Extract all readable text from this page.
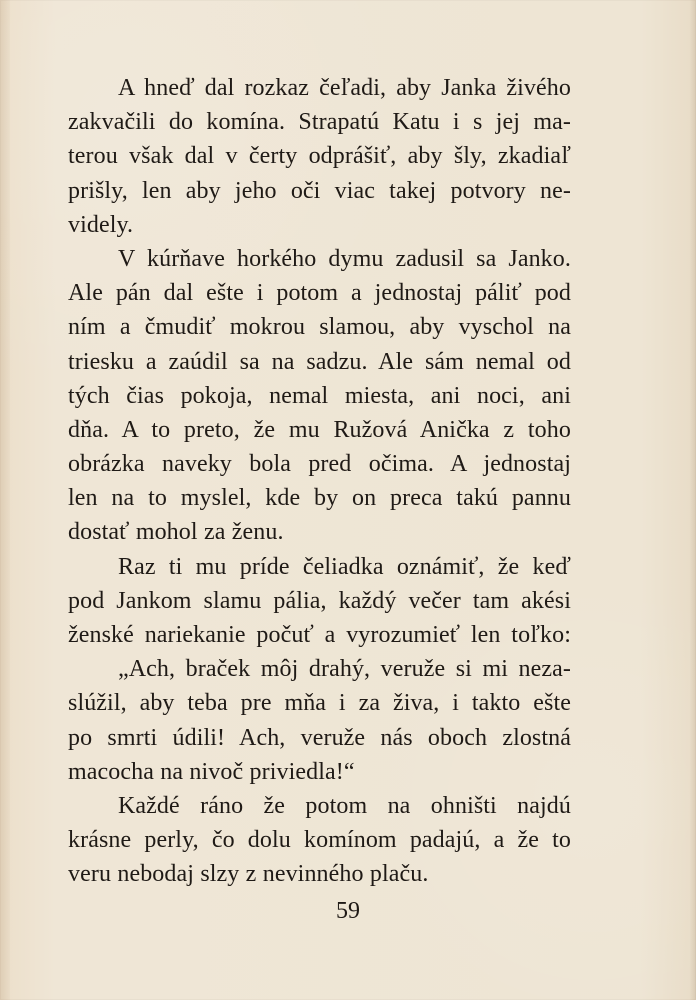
A hneď dal rozkaz čeľadi, aby Janka živého
zakvačili do komína. Strapatú Katu i s jej ma-
terou však dal v čerty odprášiť, aby šly, zkadiaľ
prišly, len aby jeho oči viac takej potvory ne-
videly.
V kúrňave horkého dymu zadusil sa Janko.
Ale pán dal ešte i potom a jednostaj páliť pod
ním a čmudiť mokrou slamou, aby vyschol na
triesku a zaúdil sa na sadzu. Ale sám nemal od
tých čias pokoja, nemal miesta, ani noci, ani
dňa. A to preto, že mu Ružová Anička z toho
obrázka naveky bola pred očima. A jednostaj
len na to myslel, kde by on preca takú pannu
dostať mohol za ženu.
Raz ti mu príde čeliadka oznámiť, že keď
pod Jankom slamu pália, každý večer tam akési
ženské nariekanie počuť a vyrozumieť len toľko:
„Ach, braček môj drahý, veruže si mi neza-
slúžil, aby teba pre mňa i za živa, i takto ešte
po smrti údili! Ach, veruže nás oboch zlostná
macocha na nivoč priviedla!“
Každé ráno že potom na ohništi najdú
krásne perly, čo dolu komínom padajú, a že to
veru nebodaj slzy z nevinného plaču.
59
